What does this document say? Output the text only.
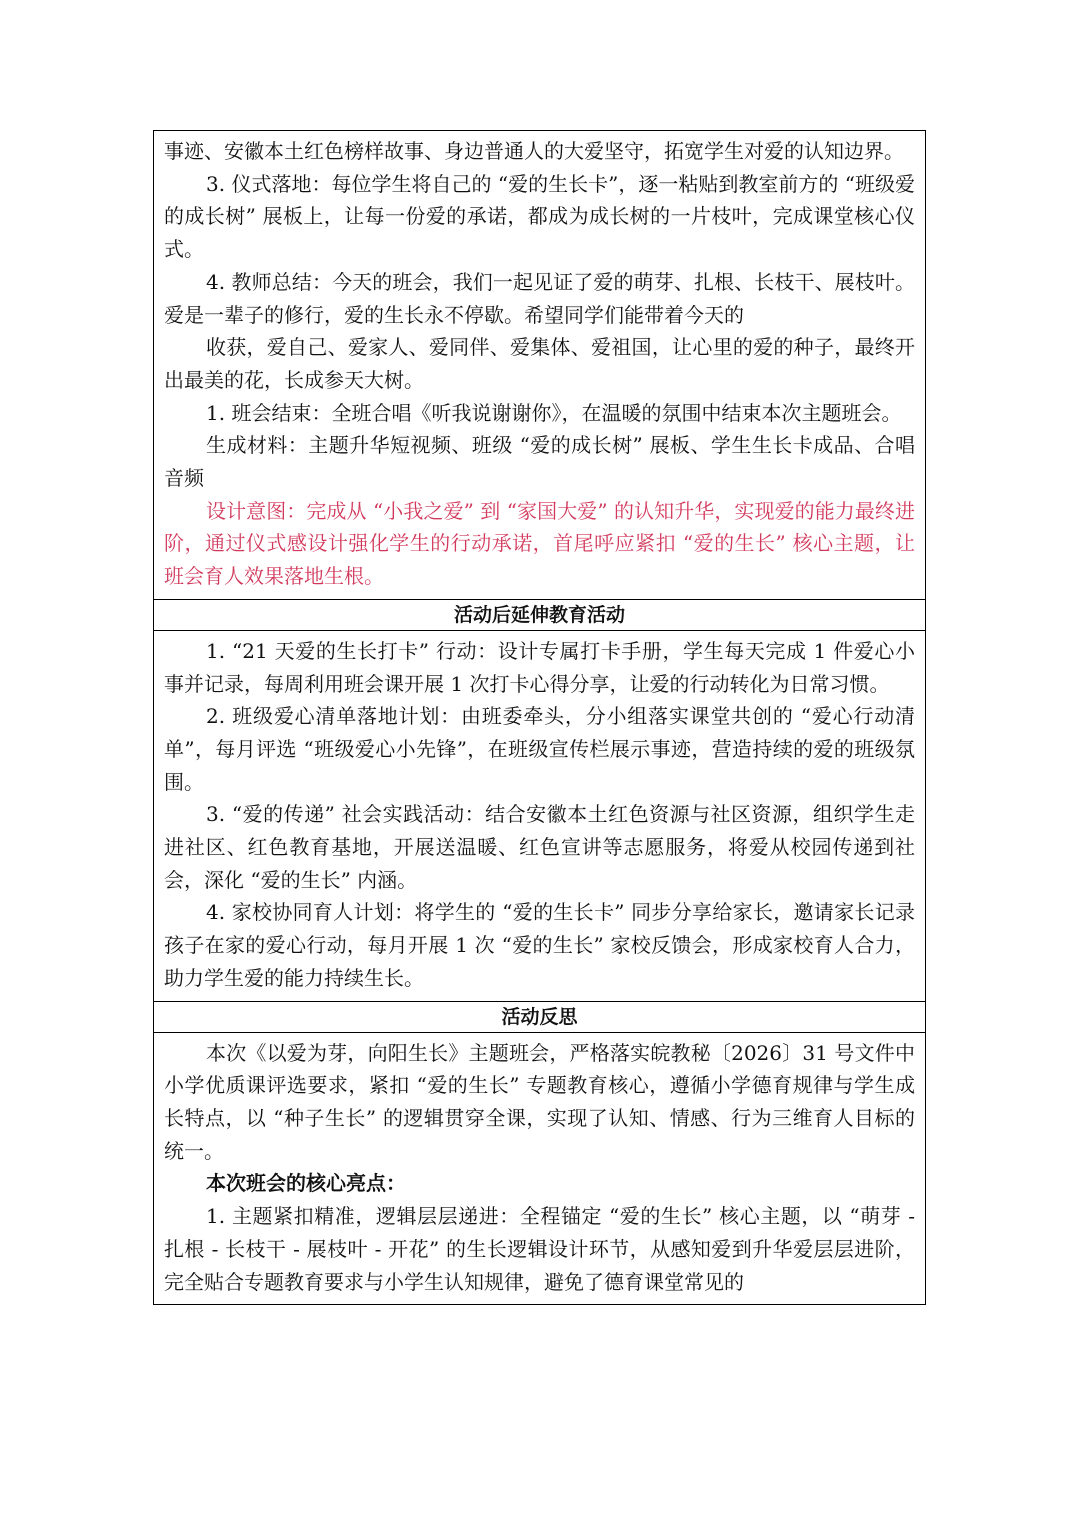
事迹、安徽本土红色榜样故事、身边普通人的大爱坚守，拓宽学生对爱的认知边界。

3. 仪式落地：每位学生将自己的 “爱的生长卡”，逐一粘贴到教室前方的 “班级爱的成长树” 展板上，让每一份爱的承诺，都成为成长树的一片枝叶，完成课堂核心仪式。

4. 教师总结：今天的班会，我们一起见证了爱的萌芽、扎根、长枝干、展枝叶。爱是一辈子的修行，爱的生长永不停歇。希望同学们能带着今天的

收获，爱自己、爱家人、爱同伴、爱集体、爱祖国，让心里的爱的种子，最终开出最美的花，长成参天大树。

1. 班会结束：全班合唱《听我说谢谢你》，在温暖的氛围中结束本次主题班会。

生成材料：主题升华短视频、班级 “爱的成长树” 展板、学生生长卡成品、合唱音频

设计意图：完成从 “小我之爱” 到 “家国大爱” 的认知升华，实现爱的能力最终进阶，通过仪式感设计强化学生的行动承诺，首尾呼应紧扣 “爱的生长” 核心主题，让班会育人效果落地生根。

活动后延伸教育活动

1. “21 天爱的生长打卡” 行动：设计专属打卡手册，学生每天完成 1 件爱心小事并记录，每周利用班会课开展 1 次打卡心得分享，让爱的行动转化为日常习惯。

2. 班级爱心清单落地计划：由班委牵头，分小组落实课堂共创的 “爱心行动清单”，每月评选 “班级爱心小先锋”，在班级宣传栏展示事迹，营造持续的爱的班级氛围。

3. “爱的传递” 社会实践活动：结合安徽本土红色资源与社区资源，组织学生走进社区、红色教育基地，开展送温暖、红色宣讲等志愿服务，将爱从校园传递到社会，深化 “爱的生长” 内涵。

4. 家校协同育人计划：将学生的 “爱的生长卡” 同步分享给家长，邀请家长记录孩子在家的爱心行动，每月开展 1 次 “爱的生长” 家校反馈会，形成家校育人合力，助力学生爱的能力持续生长。

活动反思

本次《以爱为芽，向阳生长》主题班会，严格落实皖教秘〔2026〕31 号文件中小学优质课评选要求，紧扣 “爱的生长” 专题教育核心，遵循小学德育规律与学生成长特点，以 “种子生长” 的逻辑贯穿全课，实现了认知、情感、行为三维育人目标的统一。

本次班会的核心亮点：

1. 主题紧扣精准，逻辑层层递进：全程锚定 “爱的生长” 核心主题，以 “萌芽 - 扎根 - 长枝干 - 展枝叶 - 开花” 的生长逻辑设计环节，从感知爱到升华爱层层进阶，完全贴合专题教育要求与小学生认知规律，避免了德育课堂常见的
